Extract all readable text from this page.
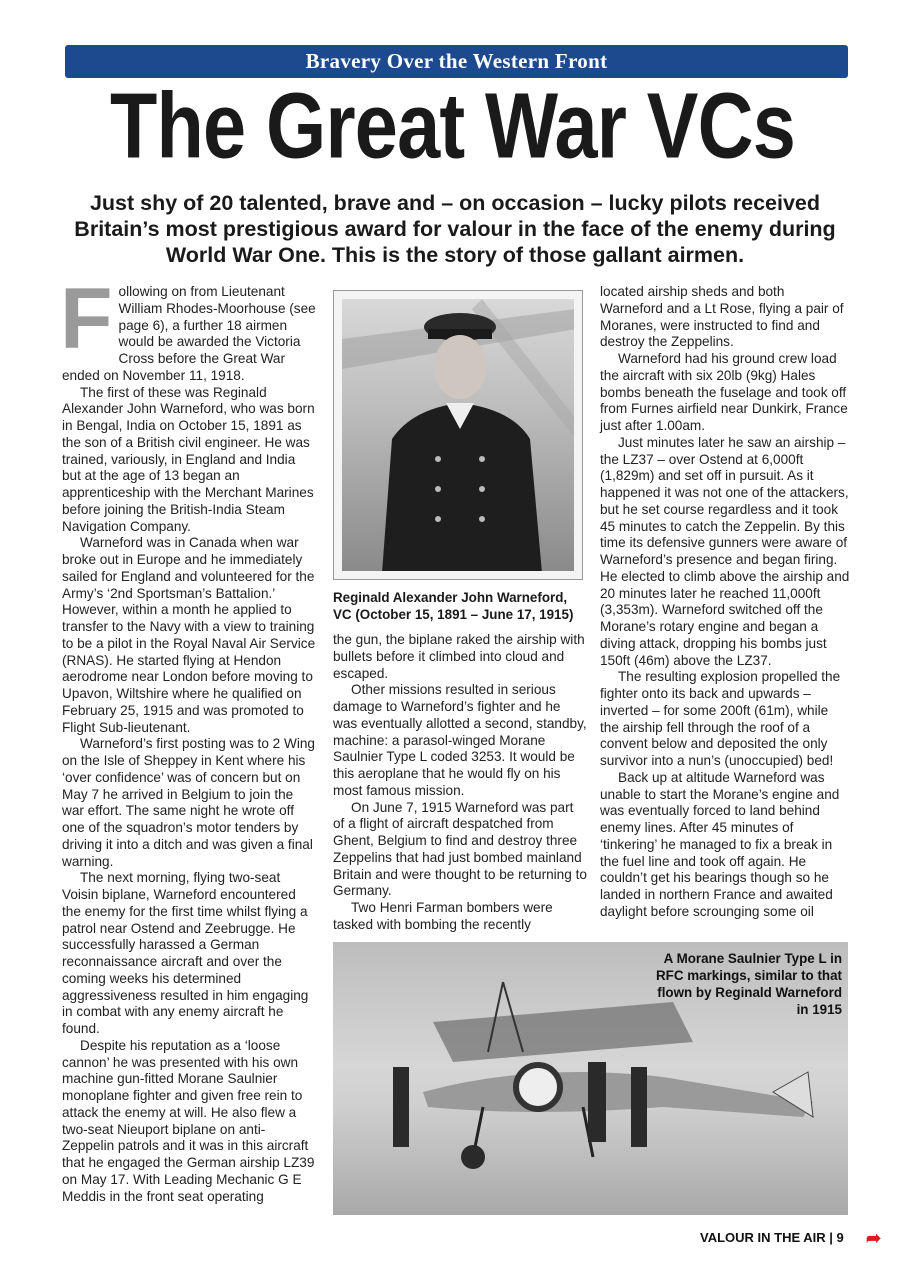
Bravery Over the Western Front
The Great War VCs
Just shy of 20 talented, brave and – on occasion – lucky pilots received Britain’s most prestigious award for valour in the face of the enemy during World War One. This is the story of those gallant airmen.
F ollowing on from Lieutenant William Rhodes-Moorhouse (see page 6), a further 18 airmen would be awarded the Victoria Cross before the Great War ended on November 11, 1918.

The first of these was Reginald Alexander John Warneford, who was born in Bengal, India on October 15, 1891 as the son of a British civil engineer. He was trained, variously, in England and India but at the age of 13 began an apprenticeship with the Merchant Marines before joining the British-India Steam Navigation Company.

Warneford was in Canada when war broke out in Europe and he immediately sailed for England and volunteered for the Army’s ‘2nd Sportsman’s Battalion.’ However, within a month he applied to transfer to the Navy with a view to training to be a pilot in the Royal Naval Air Service (RNAS). He started flying at Hendon aerodrome near London before moving to Upavon, Wiltshire where he qualified on February 25, 1915 and was promoted to Flight Sub-lieutenant.

Warneford’s first posting was to 2 Wing on the Isle of Sheppey in Kent where his ‘over confidence’ was of concern but on May 7 he arrived in Belgium to join the war effort. The same night he wrote off one of the squadron’s motor tenders by driving it into a ditch and was given a final warning.

The next morning, flying two-seat Voisin biplane, Warneford encountered the enemy for the first time whilst flying a patrol near Ostend and Zeebrugge. He successfully harassed a German reconnaissance aircraft and over the coming weeks his determined aggressiveness resulted in him engaging in combat with any enemy aircraft he found.

Despite his reputation as a ‘loose cannon’ he was presented with his own machine gun-fitted Morane Saulnier monoplane fighter and given free rein to attack the enemy at will. He also flew a two-seat Nieuport biplane on anti-Zeppelin patrols and it was in this aircraft that he engaged the German airship LZ39 on May 17. With Leading Mechanic G E Meddis in the front seat operating

Reginald Alexander John Warneford, VC (October 15, 1891 – June 17, 1915)

the gun, the biplane raked the airship with bullets before it climbed into cloud and escaped.

Other missions resulted in serious damage to Warneford’s fighter and he was eventually allotted a second, standby, machine: a parasol-winged Morane Saulnier Type L coded 3253. It would be this aeroplane that he would fly on his most famous mission.

On June 7, 1915 Warneford was part of a flight of aircraft despatched from Ghent, Belgium to find and destroy three Zeppelins that had just bombed mainland Britain and were thought to be returning to Germany.

Two Henri Farman bombers were tasked with bombing the recently

located airship sheds and both Warneford and a Lt Rose, flying a pair of Moranes, were instructed to find and destroy the Zeppelins.

Warneford had his ground crew load the aircraft with six 20lb (9kg) Hales bombs beneath the fuselage and took off from Furnes airfield near Dunkirk, France just after 1.00am.

Just minutes later he saw an airship – the LZ37 – over Ostend at 6,000ft (1,829m) and set off in pursuit. As it happened it was not one of the attackers, but he set course regardless and it took 45 minutes to catch the Zeppelin. By this time its defensive gunners were aware of Warneford’s presence and began firing. He elected to climb above the airship and 20 minutes later he reached 11,000ft (3,353m). Warneford switched off the Morane’s rotary engine and began a diving attack, dropping his bombs just 150ft (46m) above the LZ37.

The resulting explosion propelled the fighter onto its back and upwards – inverted – for some 200ft (61m), while the airship fell through the roof of a convent below and deposited the only survivor into a nun’s (unoccupied) bed!

Back up at altitude Warneford was unable to start the Morane’s engine and was eventually forced to land behind enemy lines. After 45 minutes of ‘tinkering’ he managed to fix a break in the fuel line and took off again. He couldn’t get his bearings though so he landed in northern France and awaited daylight before scrounging some oil

A Morane Saulnier Type L in RFC markings, similar to that flown by Reginald Warneford in 1915
VALOUR IN THE AIR | 9 ➦
